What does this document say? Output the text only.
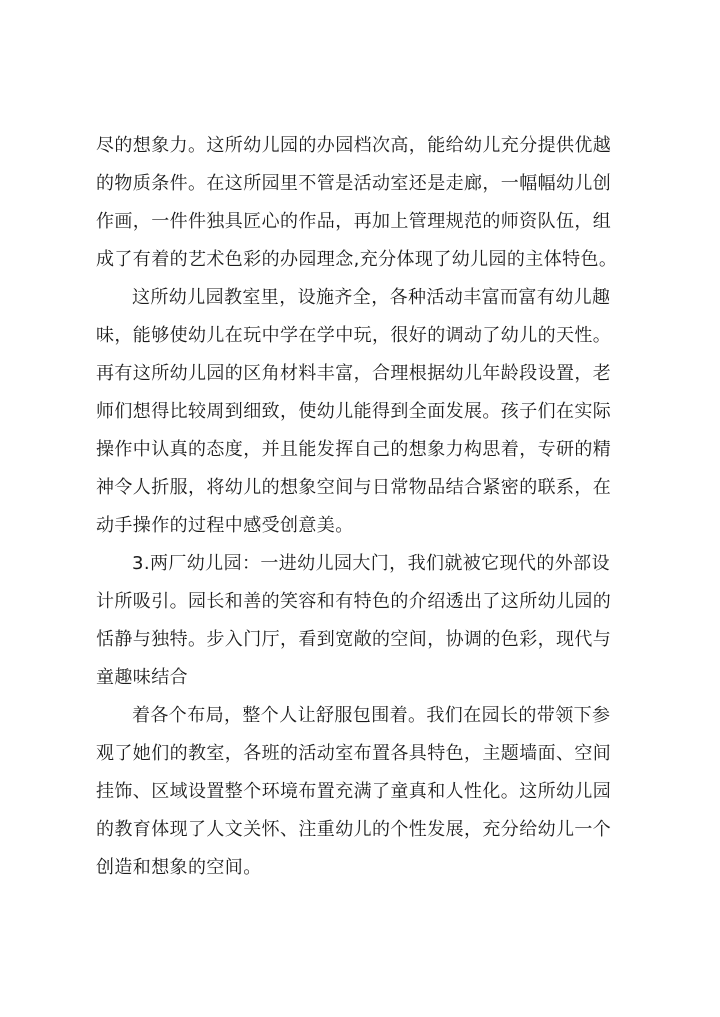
尽的想象力。这所幼儿园的办园档次高，能给幼儿充分提供优越
的物质条件。在这所园里不管是活动室还是走廊，一幅幅幼儿创
作画，一件件独具匠心的作品，再加上管理规范的师资队伍，组
成了有着的艺术色彩的办园理念,充分体现了幼儿园的主体特色。
这所幼儿园教室里，设施齐全，各种活动丰富而富有幼儿趣
味，能够使幼儿在玩中学在学中玩，很好的调动了幼儿的天性。
再有这所幼儿园的区角材料丰富，合理根据幼儿年龄段设置，老
师们想得比较周到细致，使幼儿能得到全面发展。孩子们在实际
操作中认真的态度，并且能发挥自己的想象力构思着，专研的精
神令人折服，将幼儿的想象空间与日常物品结合紧密的联系，在
动手操作的过程中感受创意美。
3.两厂幼儿园：一进幼儿园大门，我们就被它现代的外部设
计所吸引。园长和善的笑容和有特色的介绍透出了这所幼儿园的
恬静与独特。步入门厅，看到宽敞的空间，协调的色彩，现代与
童趣味结合
着各个布局，整个人让舒服包围着。我们在园长的带领下参
观了她们的教室，各班的活动室布置各具特色，主题墙面、空间
挂饰、区域设置整个环境布置充满了童真和人性化。这所幼儿园
的教育体现了人文关怀、注重幼儿的个性发展，充分给幼儿一个
创造和想象的空间。
